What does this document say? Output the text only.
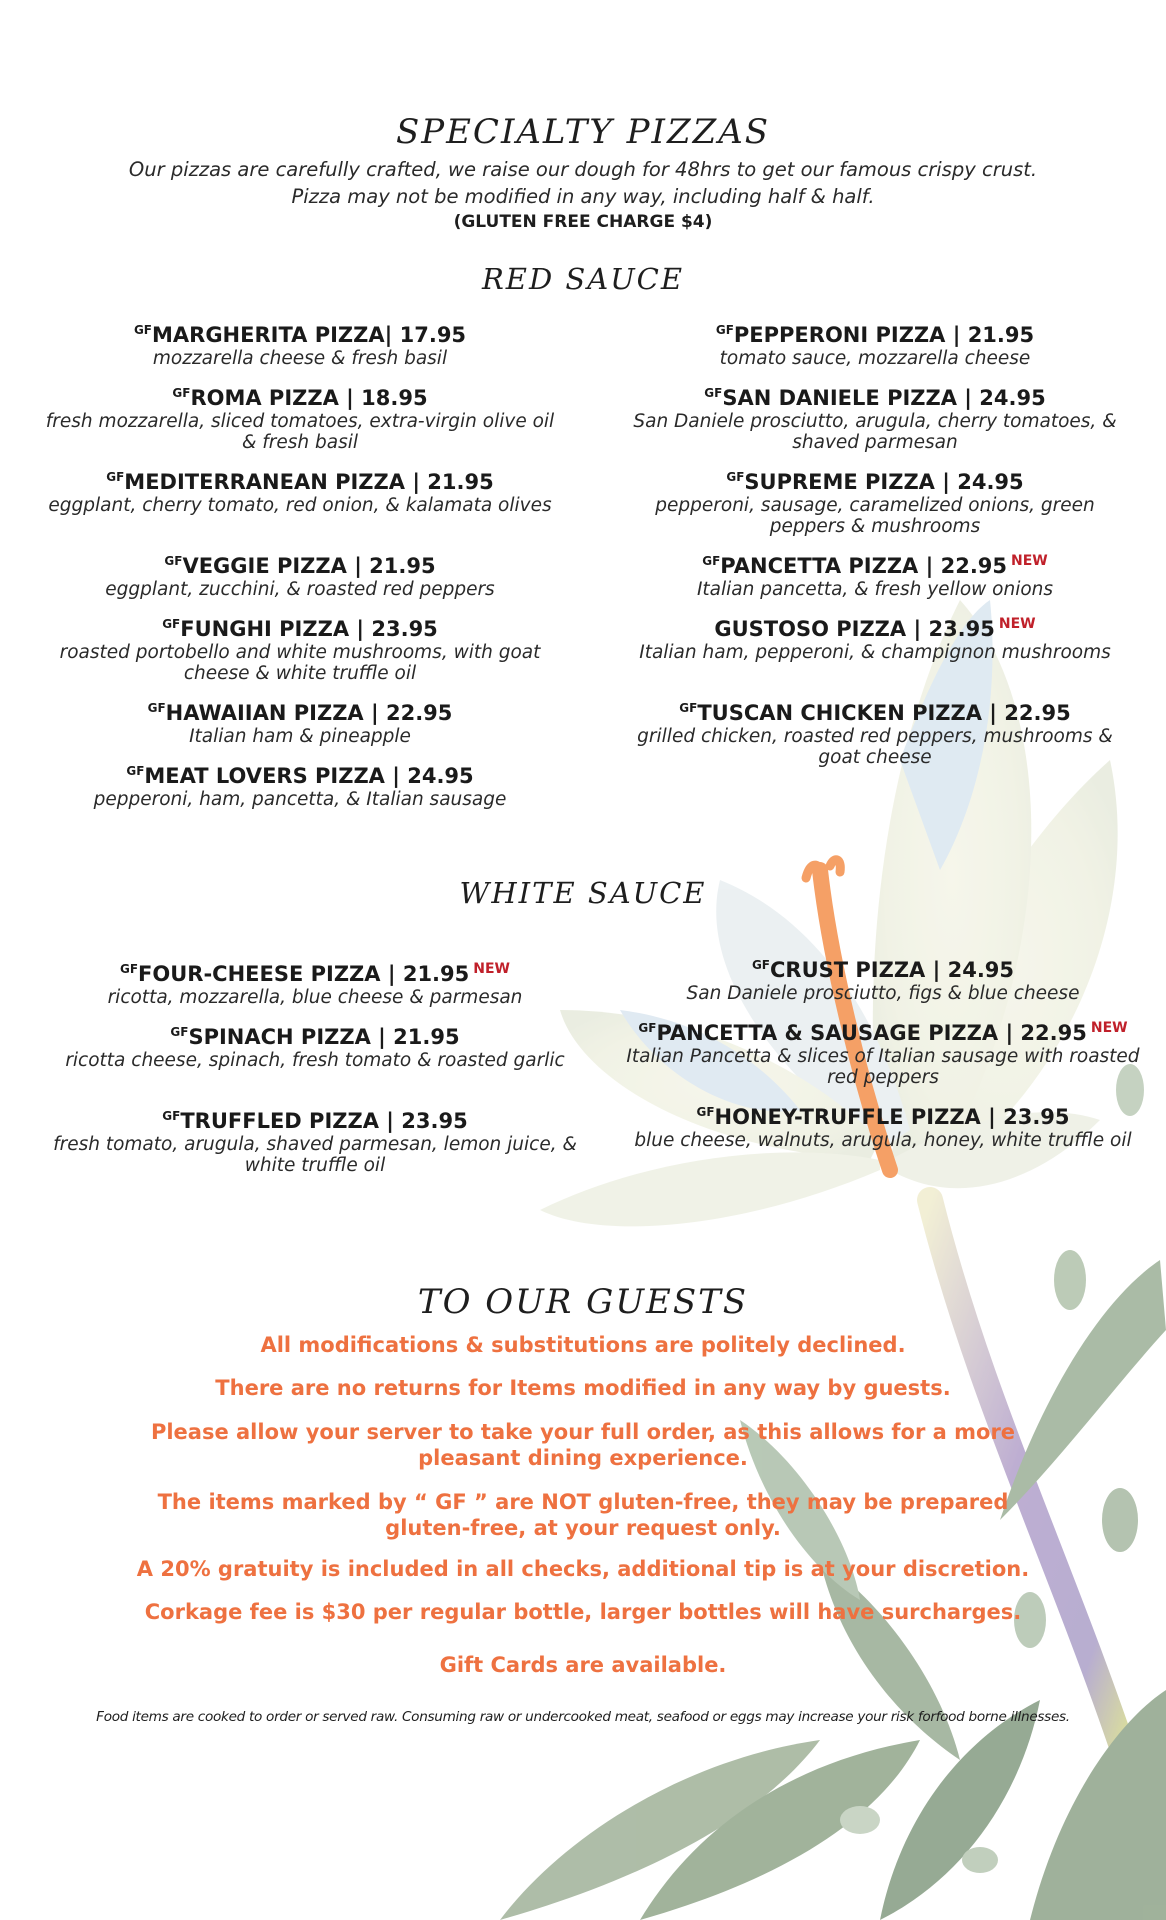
SPECIALTY PIZZAS
Our pizzas are carefully crafted, we raise our dough for 48hrs to get our famous crispy crust.
Pizza may not be modified in any way, including half & half.
(GLUTEN FREE CHARGE $4)
RED SAUCE
$^{GF}$MARGHERITA PIZZA| 17.95
mozzarella cheese & fresh basil
$^{GF}$ROMA PIZZA | 18.95
fresh mozzarella, sliced tomatoes, extra-virgin olive oil & fresh basil
$^{GF}$MEDITERRANEAN PIZZA | 21.95
eggplant, cherry tomato, red onion, & kalamata olives
$^{GF}$VEGGIE PIZZA | 21.95
eggplant, zucchini, & roasted red peppers
$^{GF}$FUNGHI PIZZA | 23.95
roasted portobello and white mushrooms, with goat cheese & white truffle oil
$^{GF}$HAWAIIAN PIZZA | 22.95
Italian ham & pineapple
$^{GF}$MEAT LOVERS PIZZA | 24.95
pepperoni, ham, pancetta, & Italian sausage
$^{GF}$PEPPERONI PIZZA | 21.95
tomato sauce, mozzarella cheese
$^{GF}$SAN DANIELE PIZZA | 24.95
San Daniele prosciutto, arugula, cherry tomatoes, & shaved parmesan
$^{GF}$SUPREME PIZZA | 24.95
pepperoni, sausage, caramelized onions, green peppers & mushrooms
$^{GF}$PANCETTA PIZZA | 22.95 $^{NEW}$
Italian pancetta, & fresh yellow onions
GUSTOSO PIZZA | 23.95 $^{NEW}$
Italian ham, pepperoni, & champignon mushrooms
$^{GF}$TUSCAN CHICKEN PIZZA | 22.95
grilled chicken, roasted red peppers, mushrooms & goat cheese
WHITE SAUCE
$^{GF}$FOUR-CHEESE PIZZA | 21.95 $^{NEW}$
ricotta, mozzarella, blue cheese & parmesan
$^{GF}$SPINACH PIZZA | 21.95
ricotta cheese, spinach, fresh tomato & roasted garlic
$^{GF}$TRUFFLED PIZZA | 23.95
fresh tomato, arugula, shaved parmesan, lemon juice, & white truffle oil
$^{GF}$CRUST PIZZA | 24.95
San Daniele prosciutto, figs & blue cheese
$^{GF}$PANCETTA & SAUSAGE PIZZA | 22.95 $^{NEW}$
Italian Pancetta & slices of Italian sausage with roasted red peppers
$^{GF}$HONEY-TRUFFLE PIZZA | 23.95
blue cheese, walnuts, arugula, honey, white truffle oil
TO OUR GUESTS
All modifications & substitutions are politely declined.
There are no returns for Items modified in any way by guests.
Please allow your server to take your full order, as this allows for a more pleasant dining experience.
The items marked by “ GF ” are NOT gluten-free, they may be prepared gluten-free, at your request only.
A 20% gratuity is included in all checks, additional tip is at your discretion.
Corkage fee is $30 per regular bottle, larger bottles will have surcharges.
Gift Cards are available.
Food items are cooked to order or served raw. Consuming raw or undercooked meat, seafood or eggs may increase your risk forfood borne illnesses.
